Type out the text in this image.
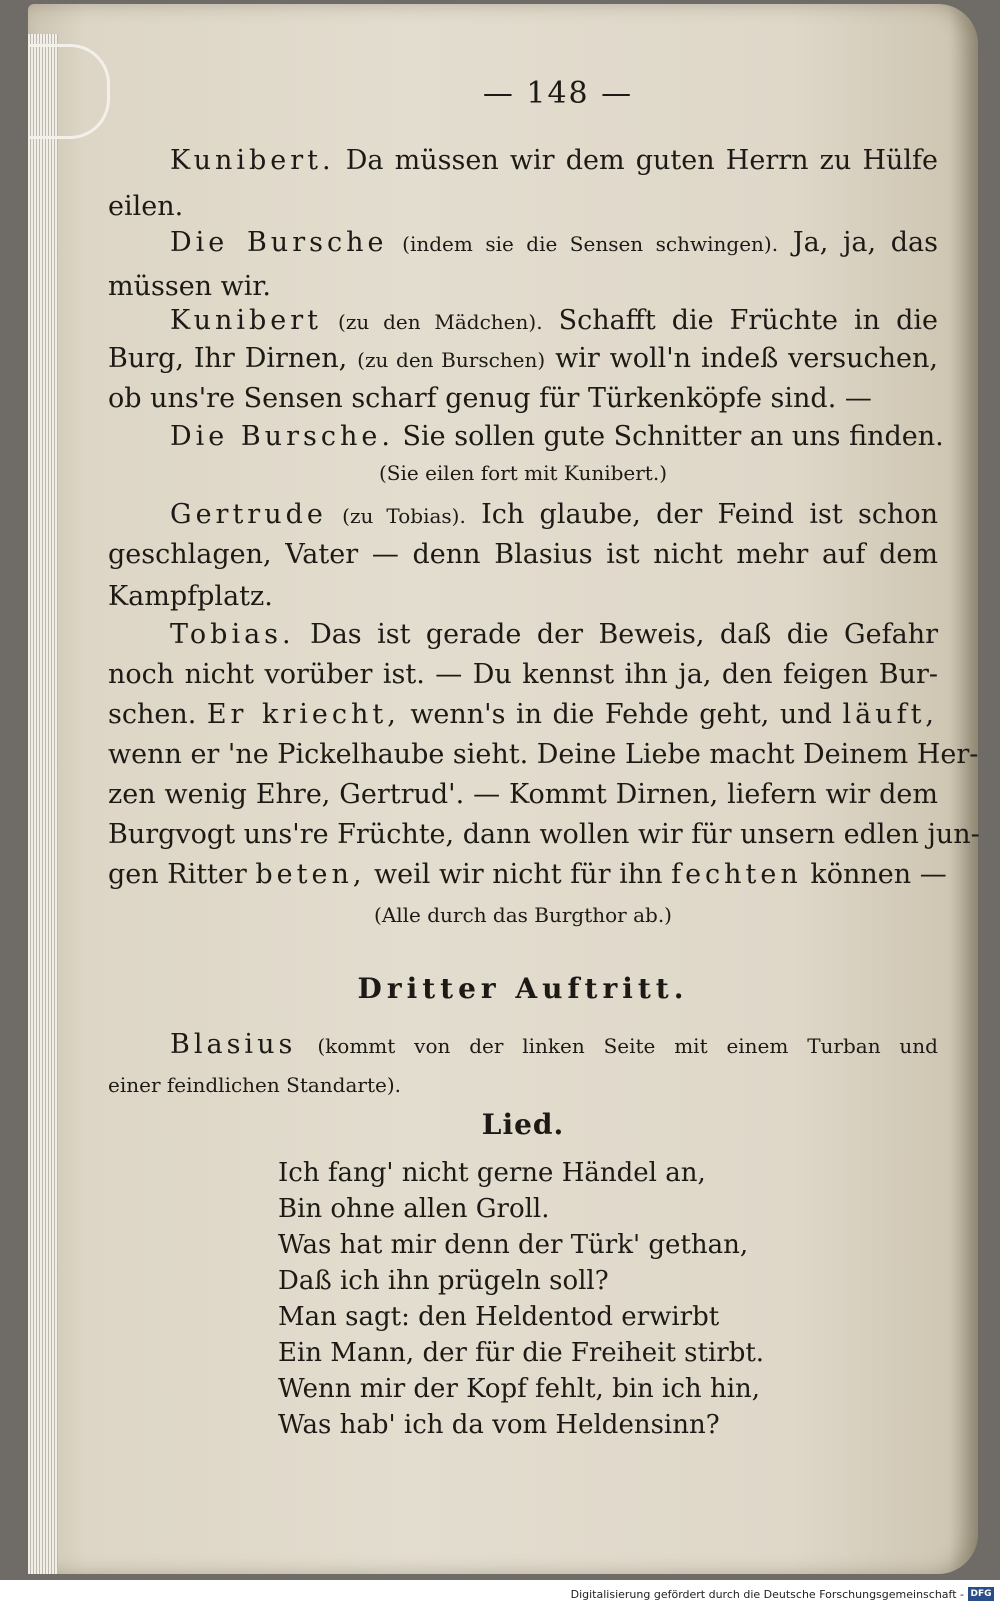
— 148 —
Kunibert. Da müssen wir dem guten Herrn zu Hülfe
eilen.
Die Bursche (indem sie die Sensen schwingen). Ja, ja, das
müssen wir.
Kunibert (zu den Mädchen). Schafft die Früchte in die
Burg, Ihr Dirnen, (zu den Burschen) wir woll'n indeß versuchen,
ob uns're Sensen scharf genug für Türkenköpfe sind. —
Die Bursche. Sie sollen gute Schnitter an uns finden.
(Sie eilen fort mit Kunibert.)
Gertrude (zu Tobias). Ich glaube, der Feind ist schon
geschlagen, Vater — denn Blasius ist nicht mehr auf dem
Kampfplatz.
Tobias. Das ist gerade der Beweis, daß die Gefahr
noch nicht vorüber ist. — Du kennst ihn ja, den feigen Bur-
schen. Er kriecht, wenn's in die Fehde geht, und läuft,
wenn er 'ne Pickelhaube sieht. Deine Liebe macht Deinem Her-
zen wenig Ehre, Gertrud'. — Kommt Dirnen, liefern wir dem
Burgvogt uns're Früchte, dann wollen wir für unsern edlen jun-
gen Ritter beten, weil wir nicht für ihn fechten können —
(Alle durch das Burgthor ab.)
Dritter Auftritt.
Blasius (kommt von der linken Seite mit einem Turban und
einer feindlichen Standarte).
Lied.
Ich fang' nicht gerne Händel an,
Bin ohne allen Groll.
Was hat mir denn der Türk' gethan,
Daß ich ihn prügeln soll?
Man sagt: den Heldentod erwirbt
Ein Mann, der für die Freiheit stirbt.
Wenn mir der Kopf fehlt, bin ich hin,
Was hab' ich da vom Heldensinn?
Digitalisierung gefördert durch die Deutsche Forschungsgemeinschaft - DFG
